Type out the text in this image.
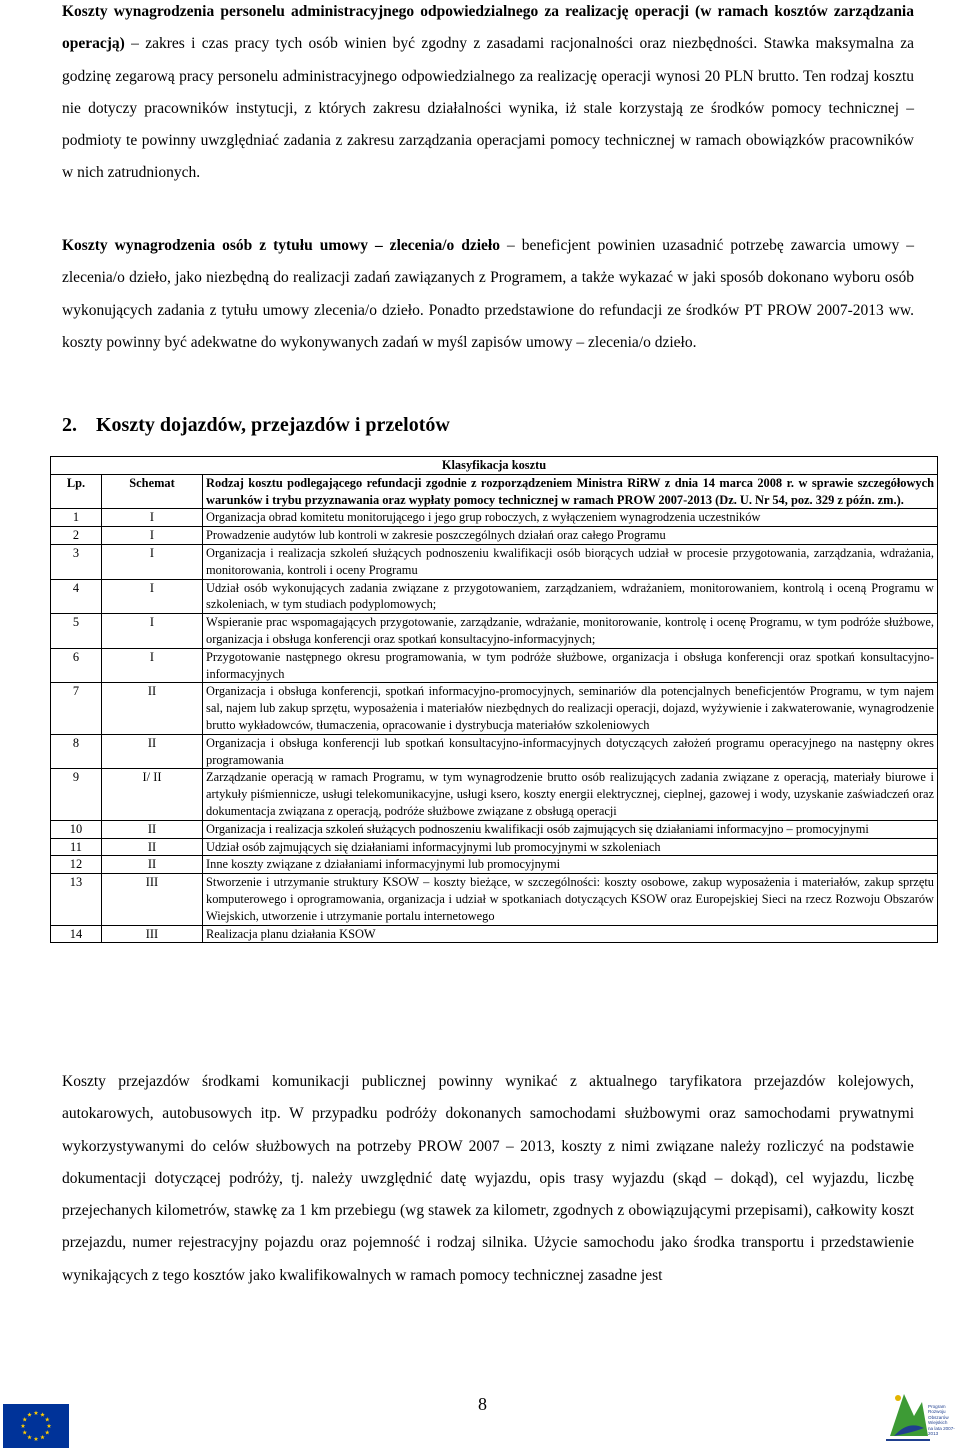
Koszty wynagrodzenia personelu administracyjnego odpowiedzialnego za realizację operacji (w ramach kosztów zarządzania operacją) – zakres i czas pracy tych osób winien być zgodny z zasadami racjonalności oraz niezbędności. Stawka maksymalna za godzinę zegarową pracy personelu administracyjnego odpowiedzialnego za realizację operacji wynosi 20 PLN brutto. Ten rodzaj kosztu nie dotyczy pracowników instytucji, z których zakresu działalności wynika, iż stale korzystają ze środków pomocy technicznej – podmioty te powinny uwzględniać zadania z zakresu zarządzania operacjami pomocy technicznej w ramach obowiązków pracowników w nich zatrudnionych.

Koszty wynagrodzenia osób z tytułu umowy – zlecenia/o dzieło – beneficjent powinien uzasadnić potrzebę zawarcia umowy – zlecenia/o dzieło, jako niezbędną do realizacji zadań zawiązanych z Programem, a także wykazać w jaki sposób dokonano wyboru osób wykonujących zadania z tytułu umowy zlecenia/o dzieło. Ponadto przedstawione do refundacji ze środków PT PROW 2007-2013 ww. koszty powinny być adekwatne do wykonywanych zadań w myśl zapisów umowy – zlecenia/o dzieło.

2. Koszty dojazdów, przejazdów i przelotów

Koszty przejazdów środkami komunikacji publicznej powinny wynikać z aktualnego taryfikatora przejazdów kolejowych, autokarowych, autobusowych itp. W przypadku podróży dokonanych samochodami służbowymi oraz samochodami prywatnymi wykorzystywanymi do celów służbowych na potrzeby PROW 2007 – 2013, koszty z nimi związane należy rozliczyć na podstawie dokumentacji dotyczącej podróży, tj. należy uwzględnić datę wyjazdu, opis trasy wyjazdu (skąd – dokąd), cel wyjazdu, liczbę przejechanych kilometrów, stawkę za 1 km przebiegu (wg stawek za kilometr, zgodnych z obowiązującymi przepisami), całkowity koszt przejazdu, numer rejestracyjny pojazdu oraz pojemność i rodzaj silnika. Użycie samochodu jako środka transportu i przedstawienie wynikających z tego kosztów jako kwalifikowalnych w ramach pomocy technicznej zasadne jest

Klasyfikacja kosztu		
Lp.	Schemat	Rodzaj kosztu podlegającego refundacji zgodnie z rozporządzeniem Ministra RiRW z dnia 14 marca 2008 r. w sprawie szczegółowych warunków i trybu przyznawania oraz wypłaty pomocy technicznej w ramach PROW 2007-2013 (Dz. U. Nr 54, poz. 329 z późn. zm.).
1	I	Organizacja obrad komitetu monitorującego i jego grup roboczych, z wyłączeniem wynagrodzenia uczestników
2	I	Prowadzenie audytów lub kontroli w zakresie poszczególnych działań oraz całego Programu
3	I	Organizacja i realizacja szkoleń służących podnoszeniu kwalifikacji osób biorących udział w procesie przygotowania, zarządzania, wdrażania, monitorowania, kontroli i oceny Programu
4	I	Udział osób wykonujących zadania związane z przygotowaniem, zarządzaniem, wdrażaniem, monitorowaniem, kontrolą i oceną Programu w szkoleniach, w tym studiach podyplomowych;
5	I	Wspieranie prac wspomagających przygotowanie, zarządzanie, wdrażanie, monitorowanie, kontrolę i ocenę Programu, w tym podróże służbowe, organizacja i obsługa konferencji oraz spotkań konsultacyjno-informacyjnych;
6	I	Przygotowanie następnego okresu programowania, w tym podróże służbowe, organizacja i obsługa konferencji oraz spotkań konsultacyjno-informacyjnych
7	II	Organizacja i obsługa konferencji, spotkań informacyjno-promocyjnych, seminariów dla potencjalnych beneficjentów Programu, w tym najem sal, najem lub zakup sprzętu, wyposażenia i materiałów niezbędnych do realizacji operacji, dojazd, wyżywienie i zakwaterowanie, wynagrodzenie brutto wykładowców, tłumaczenia, opracowanie i dystrybucja materiałów szkoleniowych
8	II	Organizacja i obsługa konferencji lub spotkań konsultacyjno-informacyjnych dotyczących założeń programu operacyjnego na następny okres programowania
9	I/ II	Zarządzanie operacją w ramach Programu, w tym wynagrodzenie brutto osób realizujących zadania związane z operacją, materiały biurowe i artykuły piśmiennicze, usługi telekomunikacyjne, usługi ksero, koszty energii elektrycznej, cieplnej, gazowej i wody, uzyskanie zaświadczeń oraz dokumentacja związana z operacją, podróże służbowe związane z obsługą operacji
10	II	Organizacja i realizacja szkoleń służących podnoszeniu kwalifikacji osób zajmujących się działaniami informacyjno – promocyjnymi
11	II	Udział osób zajmujących się działaniami informacyjnymi lub promocyjnymi w szkoleniach
12	II	Inne koszty związane z działaniami informacyjnymi lub promocyjnymi
13	III	Stworzenie i utrzymanie struktury KSOW – koszty bieżące, w szczególności: koszty osobowe, zakup wyposażenia i materiałów, zakup sprzętu komputerowego i oprogramowania, organizacja i udział w spotkaniach dotyczących KSOW oraz Europejskiej Sieci na rzecz Rozwoju Obszarów Wiejskich, utworzenie i utrzymanie portalu internetowego
14	III	Realizacja planu działania KSOW
8	Program
Rozwoju
Obszarów
Wiejskich
na lata 2007-2013
